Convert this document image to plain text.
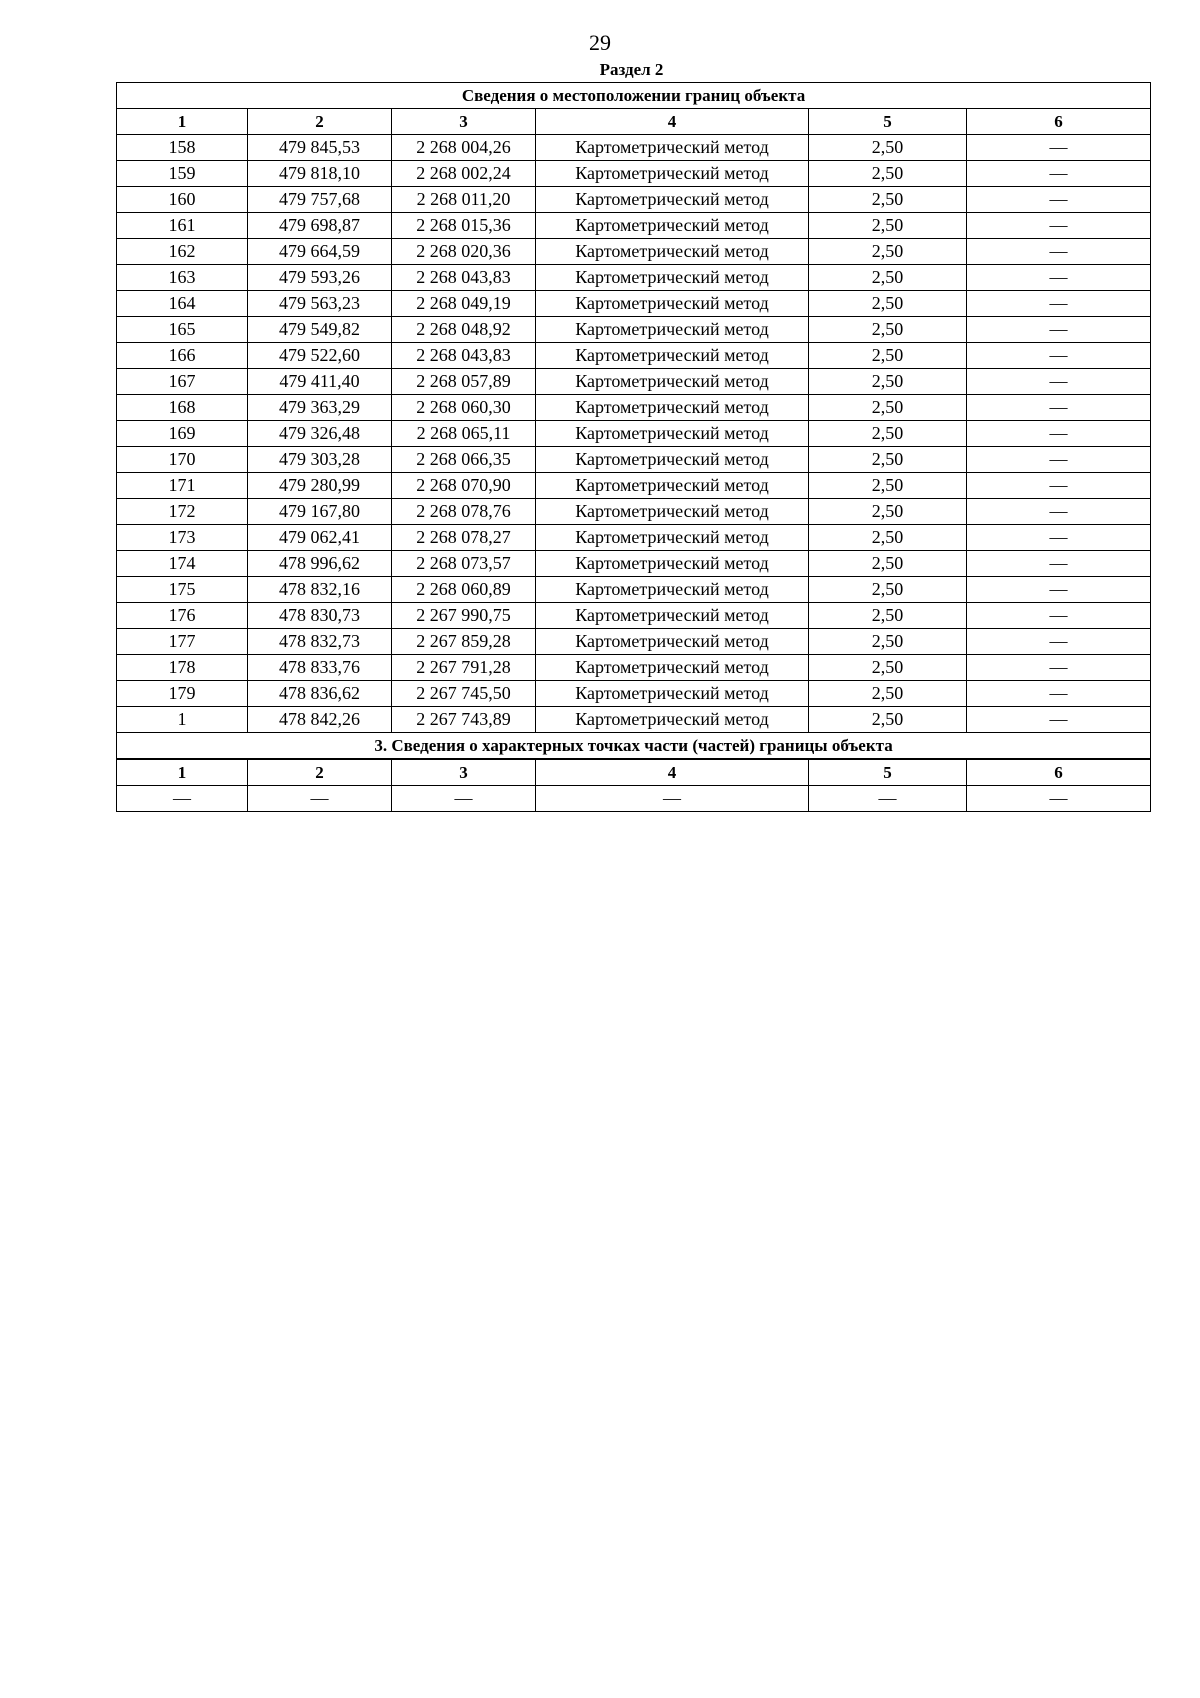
29
Раздел 2
Сведения о местоположении границ объекта					
1	2	3	4	5	6
158	479 845,53	2 268 004,26	Картометрический метод	2,50	—
159	479 818,10	2 268 002,24	Картометрический метод	2,50	—
160	479 757,68	2 268 011,20	Картометрический метод	2,50	—
161	479 698,87	2 268 015,36	Картометрический метод	2,50	—
162	479 664,59	2 268 020,36	Картометрический метод	2,50	—
163	479 593,26	2 268 043,83	Картометрический метод	2,50	—
164	479 563,23	2 268 049,19	Картометрический метод	2,50	—
165	479 549,82	2 268 048,92	Картометрический метод	2,50	—
166	479 522,60	2 268 043,83	Картометрический метод	2,50	—
167	479 411,40	2 268 057,89	Картометрический метод	2,50	—
168	479 363,29	2 268 060,30	Картометрический метод	2,50	—
169	479 326,48	2 268 065,11	Картометрический метод	2,50	—
170	479 303,28	2 268 066,35	Картометрический метод	2,50	—
171	479 280,99	2 268 070,90	Картометрический метод	2,50	—
172	479 167,80	2 268 078,76	Картометрический метод	2,50	—
173	479 062,41	2 268 078,27	Картометрический метод	2,50	—
174	478 996,62	2 268 073,57	Картометрический метод	2,50	—
175	478 832,16	2 268 060,89	Картометрический метод	2,50	—
176	478 830,73	2 267 990,75	Картометрический метод	2,50	—
177	478 832,73	2 267 859,28	Картометрический метод	2,50	—
178	478 833,76	2 267 791,28	Картометрический метод	2,50	—
179	478 836,62	2 267 745,50	Картометрический метод	2,50	—
1	478 842,26	2 267 743,89	Картометрический метод	2,50	—
3. Сведения о характерных точках части (частей) границы объекта					
1	2	3	4	5	6
—	—	—	—	—	—
